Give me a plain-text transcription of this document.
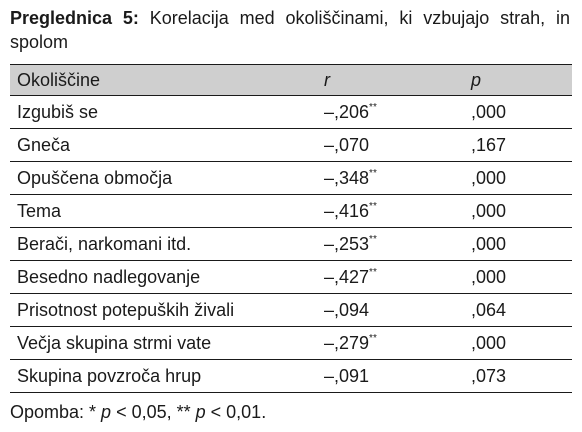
Preglednica 5: Korelacija med okoliščinami, ki vzbujajo strah, in spolom
Okoliščine	r	p
Izgubiš se	–,206**	,000
Gneča	–,070	,167
Opuščena območja	–,348**	,000
Tema	–,416**	,000
Berači, narkomani itd.	–,253**	,000
Besedno nadlegovanje	–,427**	,000
Prisotnost potepuških živali	–,094	,064
Večja skupina strmi vate	–,279**	,000
Skupina povzroča hrup	–,091	,073
Opomba: * p < 0,05, ** p < 0,01.
